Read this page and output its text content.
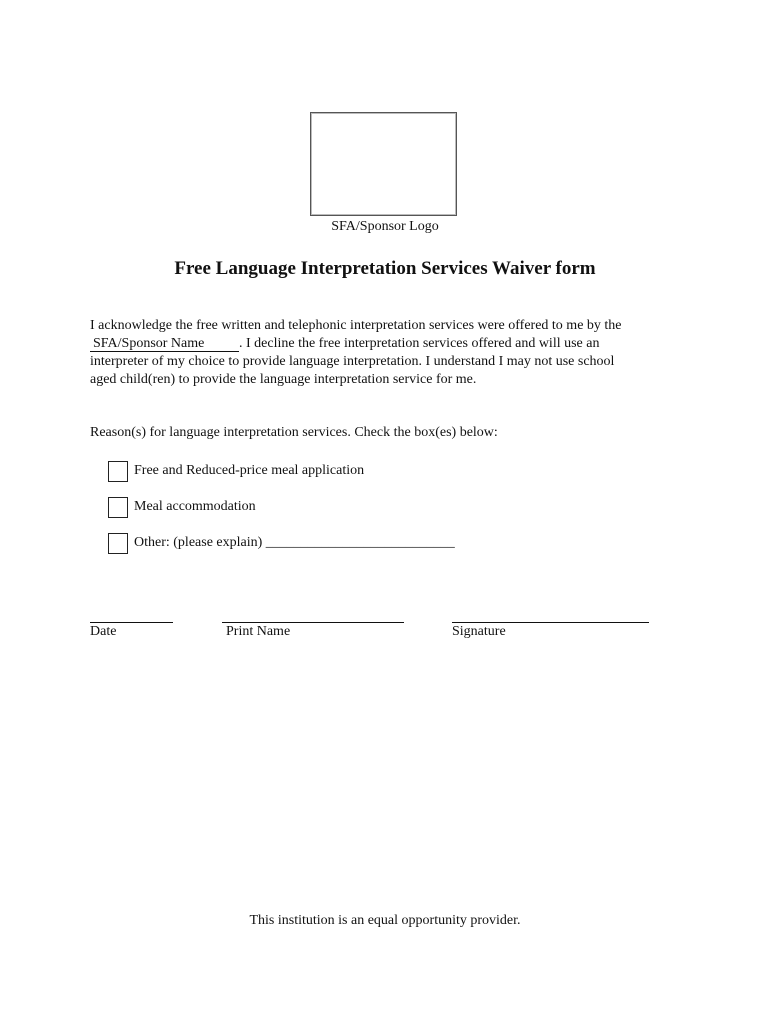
SFA/Sponsor Logo
Free Language Interpretation Services Waiver form
I acknowledge the free written and telephonic interpretation services were offered to me by the
SFA/Sponsor Name . I decline the free interpretation services offered and will use an
interpreter of my choice to provide language interpretation. I understand I may not use school
aged child(ren) to provide the language interpretation service for me.
Reason(s) for language interpretation services. Check the box(es) below:
Free and Reduced-price meal application
Meal accommodation
Other: (please explain) ___________________________
Date	Print Name	Signature
This institution is an equal opportunity provider.
